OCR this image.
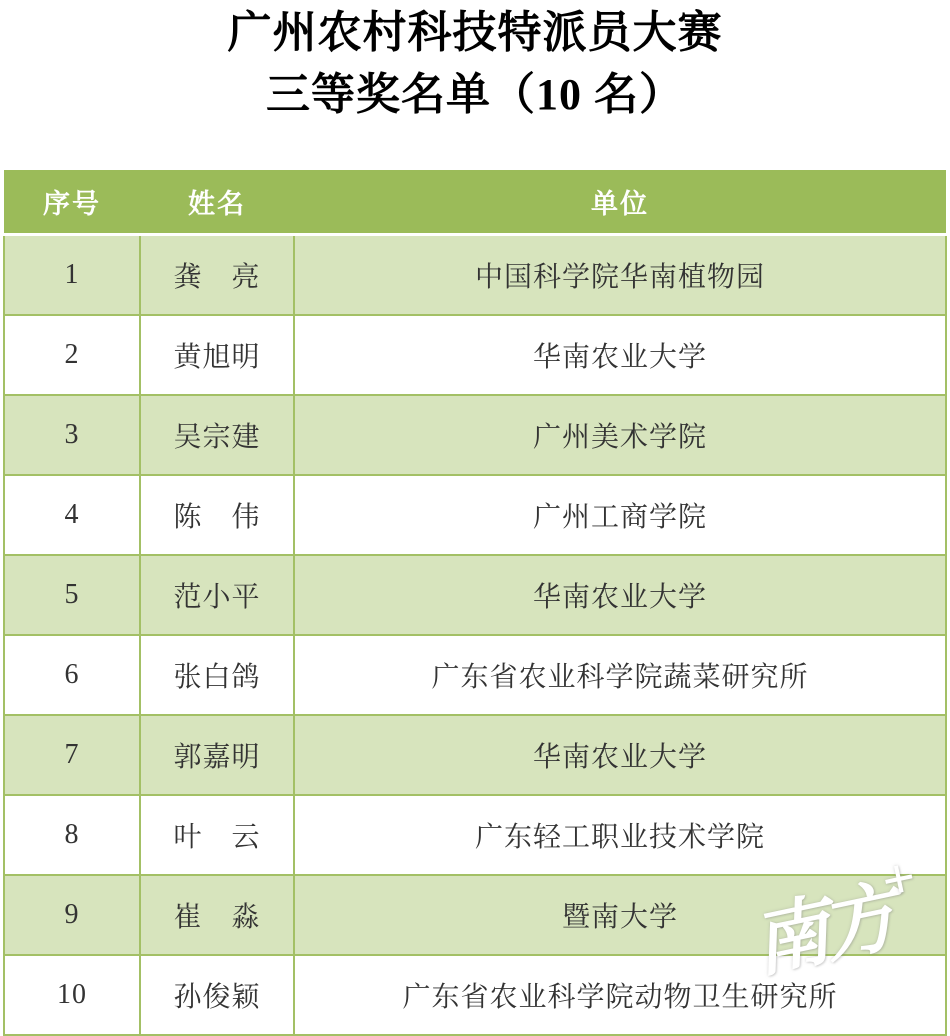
广州农村科技特派员大赛
三等奖名单（10 名）
序号	姓名	单位
1	龚　亮	中国科学院华南植物园
2	黄旭明	华南农业大学
3	吴宗建	广州美术学院
4	陈　伟	广州工商学院
5	范小平	华南农业大学
6	张白鸽	广东省农业科学院蔬菜研究所
7	郭嘉明	华南农业大学
8	叶　云	广东轻工职业技术学院
9	崔　淼	暨南大学
10	孙俊颖	广东省农业科学院动物卫生研究所
南方
+
